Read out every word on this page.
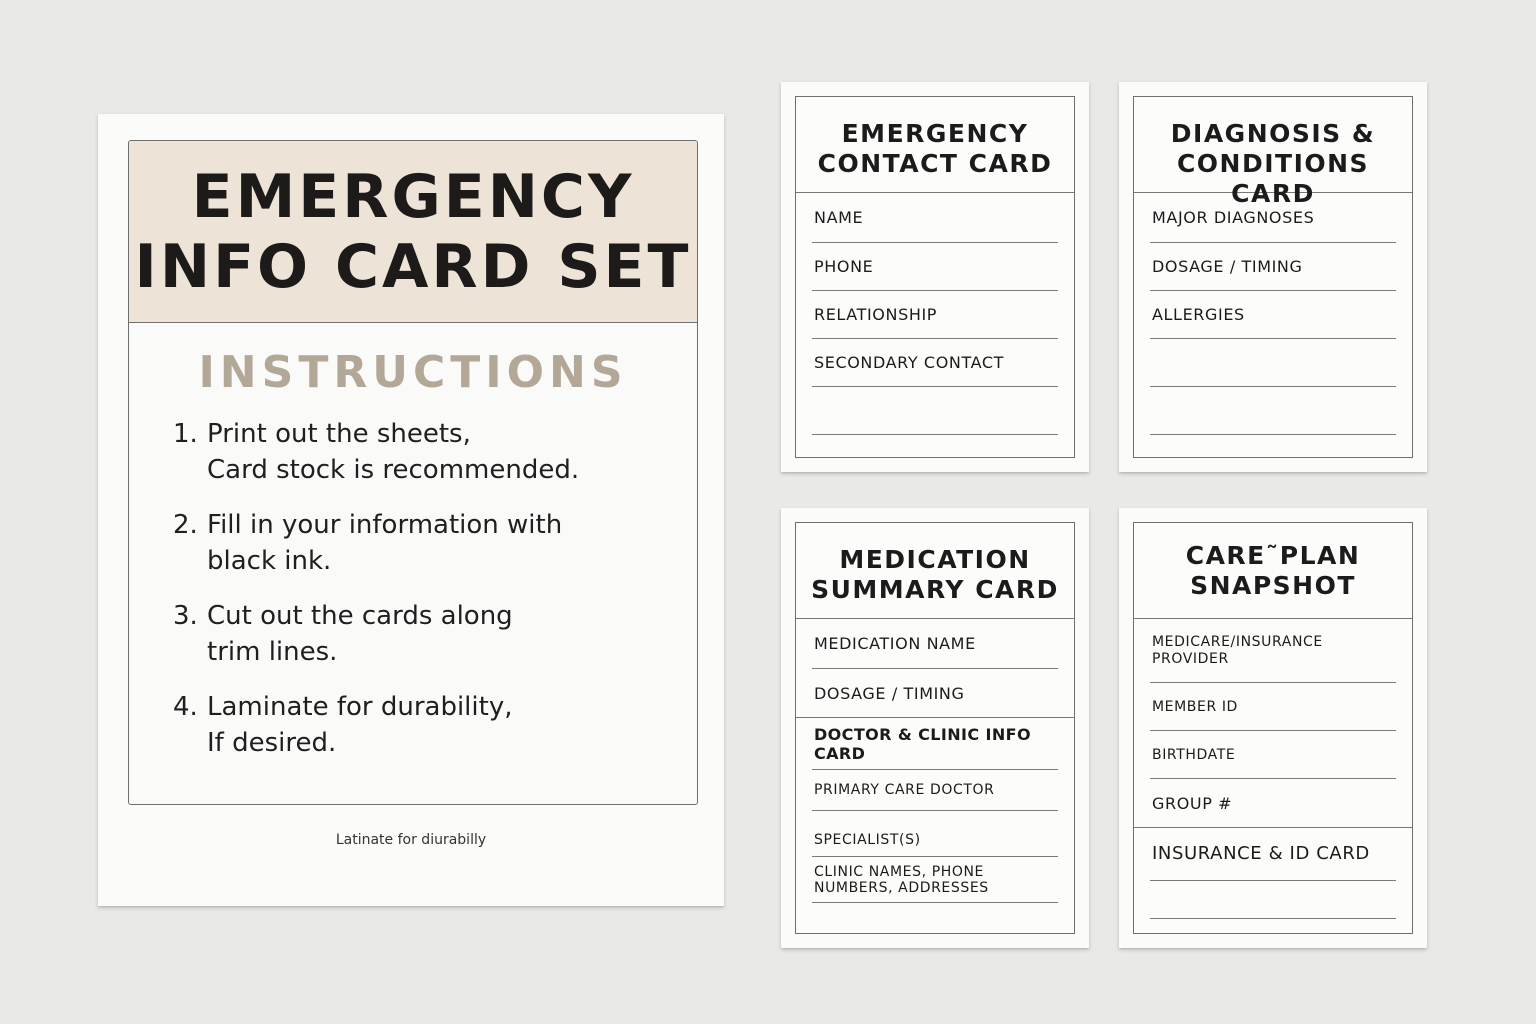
EMERGENCY
INFO CARD SET
INSTRUCTIONS
1. Print out the sheets,
Card stock is recommended.
2. Fill in your information with
black ink.
3. Cut out the cards along
trim lines.
4. Laminate for durability,
If desired.
Latinate for diurabilly
EMERGENCY
CONTACT CARD
NAME
PHONE
RELATIONSHIP
SECONDARY CONTACT
DIAGNOSIS &
CONDITIONS CARD
MAJOR DIAGNOSES
DOSAGE / TIMING
ALLERGIES
MEDICATION
SUMMARY CARD
MEDICATION NAME
DOSAGE / TIMING
DOCTOR & CLINIC INFO CARD
PRIMARY CARE DOCTOR
SPECIALIST(S)
CLINIC NAMES, PHONE NUMBERS, ADDRESSES
CARE˜PLAN
SNAPSHOT
MEDICARE/INSURANCE PROVIDER
MEMBER ID
BIRTHDATE
GROUP #
INSURANCE & ID CARD
